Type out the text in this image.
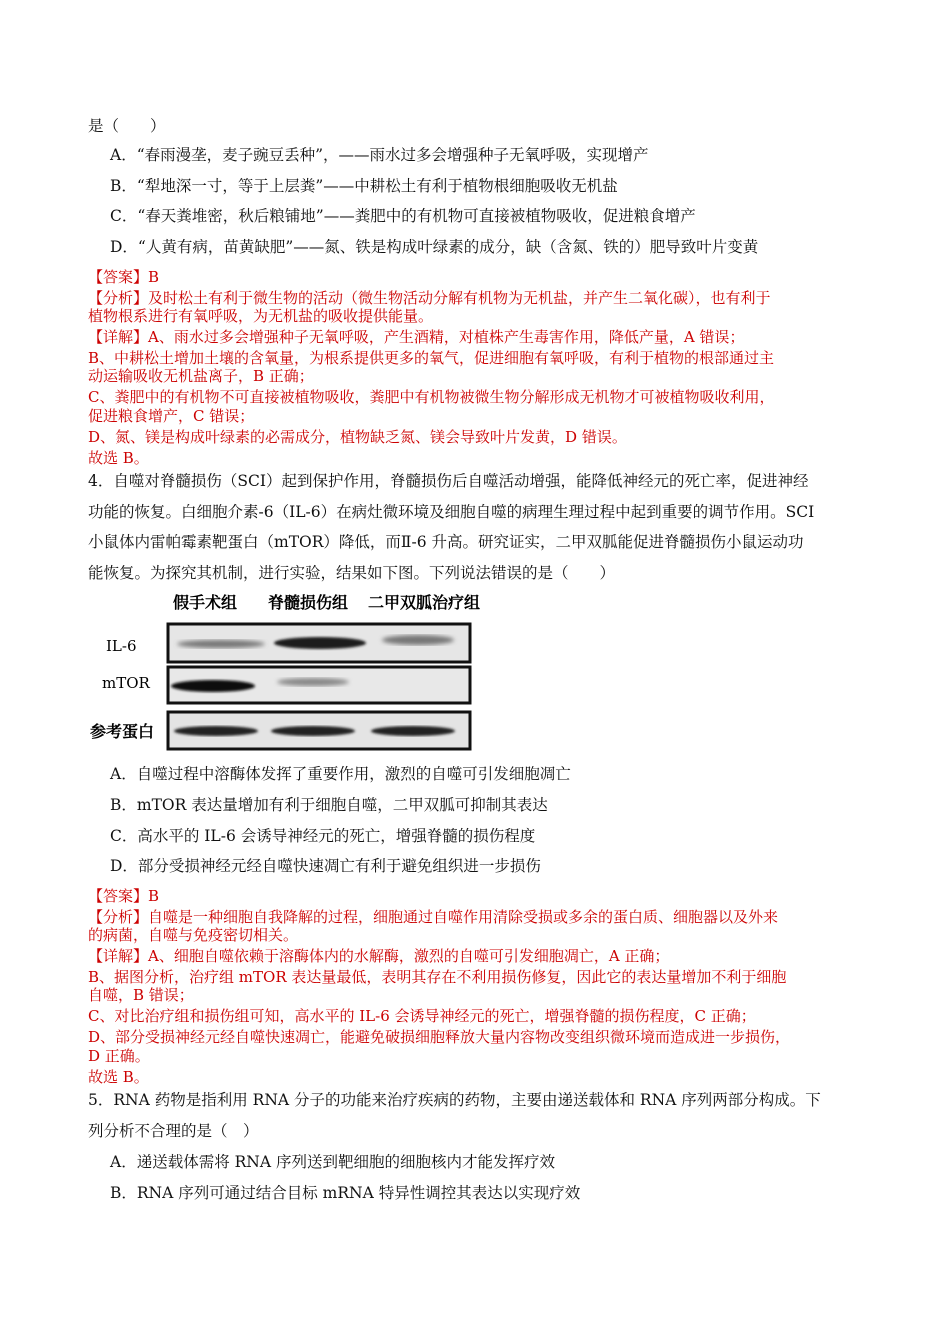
是（　　）
A．“春雨漫垄，麦子豌豆丢种”，——雨水过多会增强种子无氧呼吸，实现增产
B．“犁地深一寸，等于上层粪”——中耕松土有利于植物根细胞吸收无机盐
C．“春天粪堆密，秋后粮铺地”——粪肥中的有机物可直接被植物吸收，促进粮食增产
D．“人黄有病，苗黄缺肥”——氮、铁是构成叶绿素的成分，缺（含氮、铁的）肥导致叶片变黄
【答案】B
【分析】及时松土有利于微生物的活动（微生物活动分解有机物为无机盐，并产生二氧化碳），也有利于
植物根系进行有氧呼吸，为无机盐的吸收提供能量。
【详解】A、雨水过多会增强种子无氧呼吸，产生酒精，对植株产生毒害作用，降低产量，A 错误；
B、中耕松土增加土壤的含氧量，为根系提供更多的氧气，促进细胞有氧呼吸，有利于植物的根部通过主
动运输吸收无机盐离子，B 正确；
C、粪肥中的有机物不可直接被植物吸收，粪肥中有机物被微生物分解形成无机物才可被植物吸收利用，
促进粮食增产，C 错误；
D、氮、镁是构成叶绿素的必需成分，植物缺乏氮、镁会导致叶片发黄，D 错误。
故选 B。
4．自噬对脊髓损伤（SCI）起到保护作用，脊髓损伤后自噬活动增强，能降低神经元的死亡率，促进神经
功能的恢复。白细胞介素-6（IL-6）在病灶微环境及细胞自噬的病理生理过程中起到重要的调节作用。SCI
小鼠体内雷帕霉素靶蛋白（mTOR）降低，而Ⅱ-6 升高。研究证实，二甲双胍能促进脊髓损伤小鼠运动功
能恢复。为探究其机制，进行实验，结果如下图。下列说法错误的是（　　）
假手术组 脊髓损伤组 二甲双胍治疗组
IL-6
mTOR
参考蛋白
A．自噬过程中溶酶体发挥了重要作用，激烈的自噬可引发细胞凋亡
B．mTOR 表达量增加有利于细胞自噬，二甲双胍可抑制其表达
C．高水平的 IL-6 会诱导神经元的死亡，增强脊髓的损伤程度
D．部分受损神经元经自噬快速凋亡有利于避免组织进一步损伤
【答案】B
【分析】自噬是一种细胞自我降解的过程，细胞通过自噬作用清除受损或多余的蛋白质、细胞器以及外来
的病菌，自噬与免疫密切相关。
【详解】A、细胞自噬依赖于溶酶体内的水解酶，激烈的自噬可引发细胞凋亡，A 正确；
B、据图分析，治疗组 mTOR 表达量最低，表明其存在不利用损伤修复，因此它的表达量增加不利于细胞
自噬，B 错误；
C、对比治疗组和损伤组可知，高水平的 IL-6 会诱导神经元的死亡，增强脊髓的损伤程度，C 正确；
D、部分受损神经元经自噬快速凋亡，能避免破损细胞释放大量内容物改变组织微环境而造成进一步损伤，
D 正确。
故选 B。
5．RNA 药物是指利用 RNA 分子的功能来治疗疾病的药物，主要由递送载体和 RNA 序列两部分构成。下
列分析不合理的是（　）
A．递送载体需将 RNA 序列送到靶细胞的细胞核内才能发挥疗效
B．RNA 序列可通过结合目标 mRNA 特异性调控其表达以实现疗效
